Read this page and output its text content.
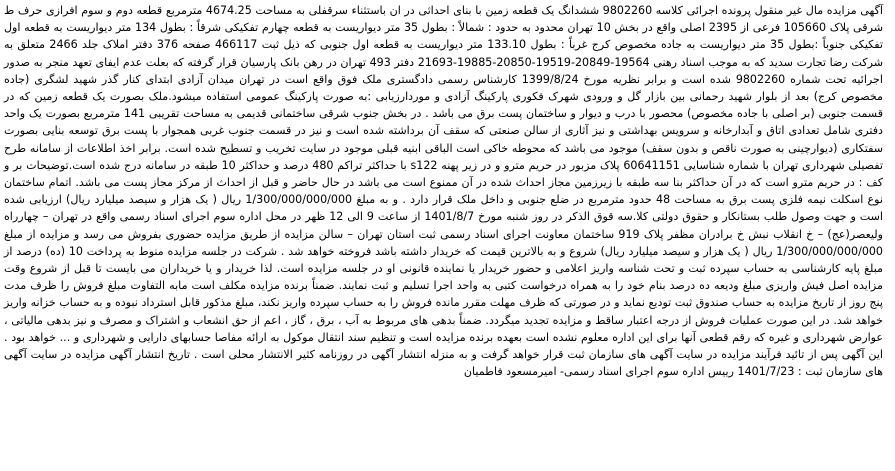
آگهی مزایده مال غیر منقول پرونده اجرائی کلاسه 9802260 ششدانگ یک قطعه زمین با بنای احداثی در ان باستثناء سرقفلی به مساحت 4674.25 مترمربع قطعه دوم و سوم افرازی حرف ط شرقی پلاک 105660 فرعی از 2395 اصلی واقع در بخش 10 تهران محدود به حدود : شمالاً : بطول 35 متر دیواریست به قطعه چهارم تفکیکی شرقاً : بطول 134 متر دیواریست به قطعه اول تفکیکی جنوباً :بطول 35 متر دیواریست به جاده مخصوص کرج غرباً : بطول 133.10 متر دیواریست به قطعه اول جنوبی که ذیل ثبت 466117 صفحه 376 دفتر املاک جلد 2466 متعلق به شرکت رضا تجارت سدید که به موجب اسناد رهنی 19564-20849-19519-20850-19885-21693 دفتر 493 تهران در رهن بانک پارسیان قرار گرفته که بعلت عدم ایفای تعهد منجر به صدور اجرائیه تحت شماره 9802260 شده است و برابر نظریه مورخ 1399/8/24 کارشناس رسمی دادگستری ملک فوق واقع است در تهران میدان آزادی ابتدای کنار گذر شهید لشگری (جاده مخصوص کرج) بعد از بلوار شهید رحمانی بین بازار گل و ورودی شهرک فکوری پارکینگ آزادی و موردارزیابی :به صورت پارکینگ عمومی استفاده میشود.ملک بصورت یک قطعه زمین که در قسمت جنوبی (بر اصلی با جاده مخصوص) محصور با درب و دیوار و ساختمان پست برق می باشد . در بخش جنوب شرقی ساختمانی قدیمی به مساحت تقریبی 141 مترمربع بصورت یک واحد دفتری شامل تعدادی اتاق و آبدارخانه و سرویس بهداشتی و نیز آثاری از سالن صنعتی که سقف آن برداشته شده است و نیز در قسمت جنوب غربی همجوار با پست برق توسعه بنایی بصورت سفتکاری (دیوارچینی به صورت ناقص و بدون سقف) موجود می باشد که محوطه خاکی است الباقی ابنیه قبلی موجود در سایت تخریب و تسطیح شده است. برابر اخذ اطلاعات از سامانه طرح تفصیلی شهرداری تهران با شماره شناسایی 60641151 پلاک مزبور در حریم مترو و در زیر پهنه s122 با حداکثر تراکم 480 درصد و حداکثر 10 طبقه در سامانه درج شده است.توضیحات بر و کف : در حریم مترو است که در آن حداکثر بنا سه طبقه با زیرزمین مجاز احداث شده در آن ممنوع است می باشد در حال حاضر و قبل از احداث از مرکز مجاز پست می باشد. اتمام ساختمان نوع اسکلت نیمه فلزی پست برق به مساحت 48 حدود مترمربع در ضلع جنوبی و داخل ملک قرار دارد . و به مبلغ 1/300/000/000/000 ریال ( یک هزار و سیصد میلیارد ریال) ارزیابی شده است و جهت وصول طلب بستانکار و حقوق دولتی کلا.سه قوق الذکر در روز شنبه مورخ 1401/8/7 از ساعت 9 الی 12 ظهر در محل اداره سوم اجرای اسناد رسمی واقع در تهران – چهارراه ولیعصر(عج) – خ انقلاب نبش خ برادران مظفر پلاک 919 ساختمان معاونت اجرای اسناد رسمی ثبت استان تهران – سالن مزایده از طریق مزایده حضوری بفروش می رسد و مزایده از مبلغ 1/300/000/000/000 ریال ( یک هزار و سیصد میلیارد ریال) شروع و به بالاترین قیمت که خریدار داشته باشد فروخته خواهد شد . شرکت در جلسه مزایده منوط به پرداخت 10 (ده) درصد از مبلغ پایه کارشناسی به حساب سپرده ثبت و تحت شناسه واریز اعلامی و حضور خریدار یا نماینده قانونی او در جلسه مزایده است. لذا خریدار و یا خریداران می بایست تا قبل از شروع وقت مزایده اصل فیش واریزی مبلغ ودیعه ده درصد بنام خود را به همراه درخواست کتبی به واحد اجرا تسلیم و ثبت نمایند. ضمناً برنده مزایده مکلف است مابه التفاوت مبلغ فروش را ظرف مدت پنج روز از تاریخ مزایده به حساب صندوق ثبت تودیع نماید و در صورتی که ظرف مهلت مقرر مانده فروش را به حساب سپرده واریز نکند، مبلغ مذکور قابل استرداد نبوده و به حساب خزانه واریز خواهد شد. در این صورت عملیات فروش از درجه اعتبار ساقط و مزایده تجدید میگردد. ضمناً بدهی های مربوط به آب ، برق ، گاز ، اعم از حق انشعاب و اشتراک و مصرف و نیز بدهی مالیاتی ، عوارض شهرداری و غیره که رقم قطعی آنها برای این اداره معلوم نشده است بعهده برنده مزایده است و تنظیم سند انتقال موکول به ارائه مفاصا حسابهای دارایی و شهرداری و ... خواهد بود . این آگهی پس از تائید فرآیند مزایده در سایت آگهی های سازمان ثبت قرار خواهد گرفت و به منزله انتشار آگهی در روزنامه کثیر الانتشار محلی است . تاریخ انتشار آگهی مزایده در سایت آگهی های سازمان ثبت : 1401/7/23 رییس اداره سوم اجرای اسناد رسمی- امیرمسعود فاطمیان
